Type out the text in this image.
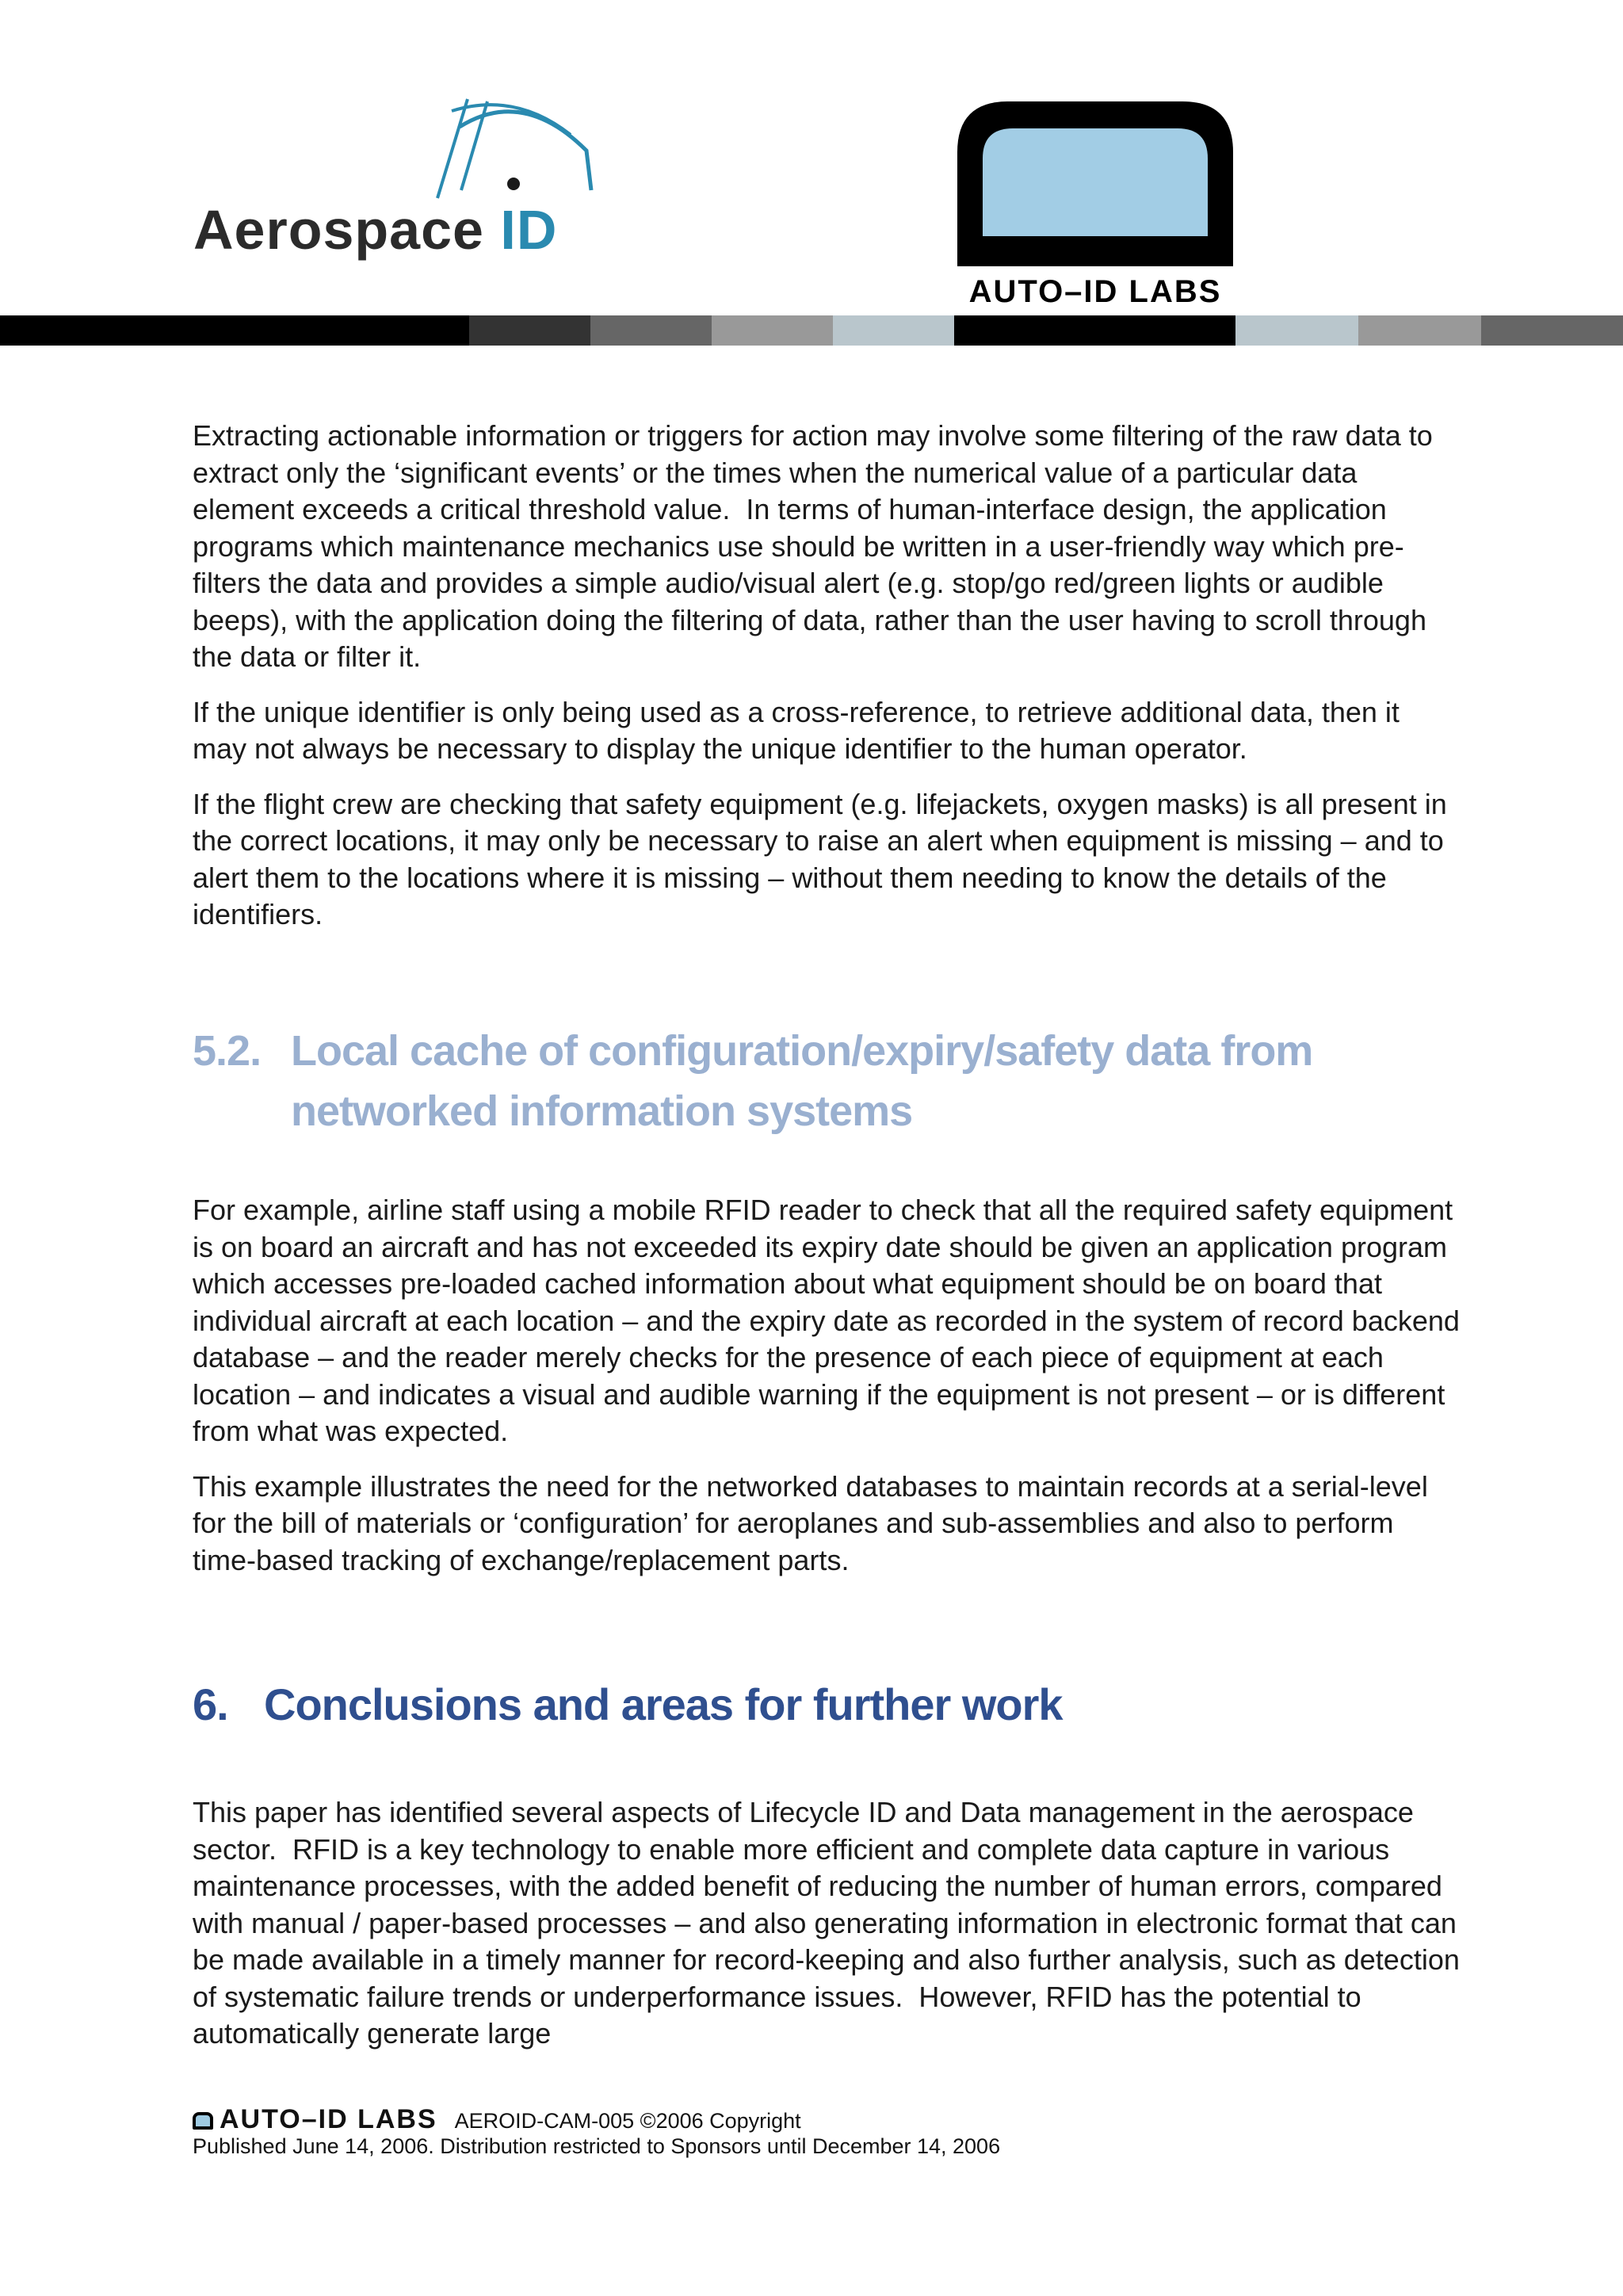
Aerospace ID
AUTO–ID LABS

Extracting actionable information or triggers for action may involve some filtering of the raw data to extract only the ‘significant events’ or the times when the numerical value of a particular data element exceeds a critical threshold value.  In terms of human-interface design, the application programs which maintenance mechanics use should be written in a user-friendly way which pre-filters the data and provides a simple audio/visual alert (e.g. stop/go red/green lights or audible beeps), with the application doing the filtering of data, rather than the user having to scroll through the data or filter it.

If the unique identifier is only being used as a cross-reference, to retrieve additional data, then it may not always be necessary to display the unique identifier to the human operator.

If the flight crew are checking that safety equipment (e.g. lifejackets, oxygen masks) is all present in the correct locations, it may only be necessary to raise an alert when equipment is missing – and to alert them to the locations where it is missing – without them needing to know the details of the identifiers.

5.2. Local cache of configuration/expiry/safety data from
networked information systems

For example, airline staff using a mobile RFID reader to check that all the required safety equipment is on board an aircraft and has not exceeded its expiry date should be given an application program which accesses pre-loaded cached information about what equipment should be on board that individual aircraft at each location – and the expiry date as recorded in the system of record backend database – and the reader merely checks for the presence of each piece of equipment at each location – and indicates a visual and audible warning if the equipment is not present – or is different from what was expected.

This example illustrates the need for the networked databases to maintain records at a serial-level for the bill of materials or ‘configuration’ for aeroplanes and sub-assemblies and also to perform time-based tracking of exchange/replacement parts.

6. Conclusions and areas for further work

This paper has identified several aspects of Lifecycle ID and Data management in the aerospace sector.  RFID is a key technology to enable more efficient and complete data capture in various maintenance processes, with the added benefit of reducing the number of human errors, compared with manual / paper-based processes – and also generating information in electronic format that can be made available in a timely manner for record-keeping and also further analysis, such as detection of systematic failure trends or underperformance issues.  However, RFID has the potential to automatically generate large

AUTO–ID LABS AEROID-CAM-005 ©2006 Copyright
Published June 14, 2006. Distribution restricted to Sponsors until December 14, 2006
